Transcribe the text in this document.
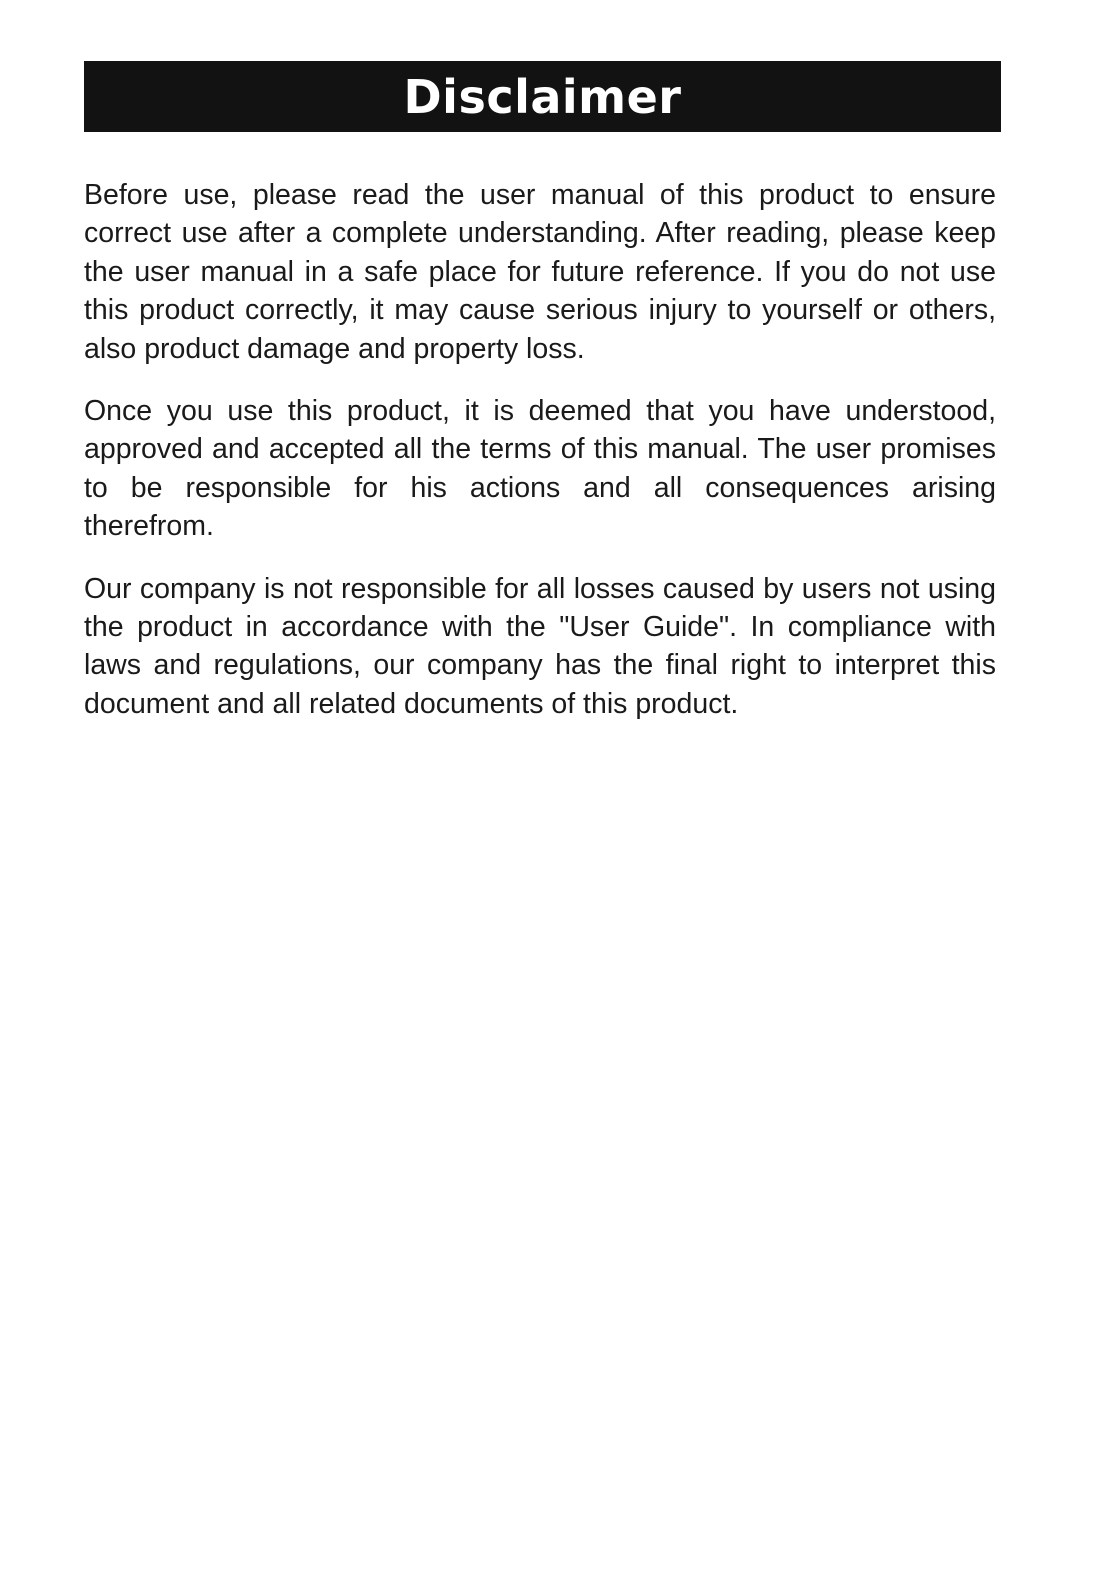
Disclaimer

Before use, please read the user manual of this product to ensure correct use after a complete understanding. After reading, please keep the user manual in a safe place for future reference. If you do not use this product correctly, it may cause serious injury to yourself or others, also product damage and property loss.

Once you use this product, it is deemed that you have understood, approved and accepted all the terms of this manual. The user promises to be responsible for his actions and all consequences arising therefrom.

Our company is not responsible for all losses caused by users not using the product in accordance with the "User Guide". In compliance with laws and regulations, our company has the final right to interpret this document and all related documents of this product.
